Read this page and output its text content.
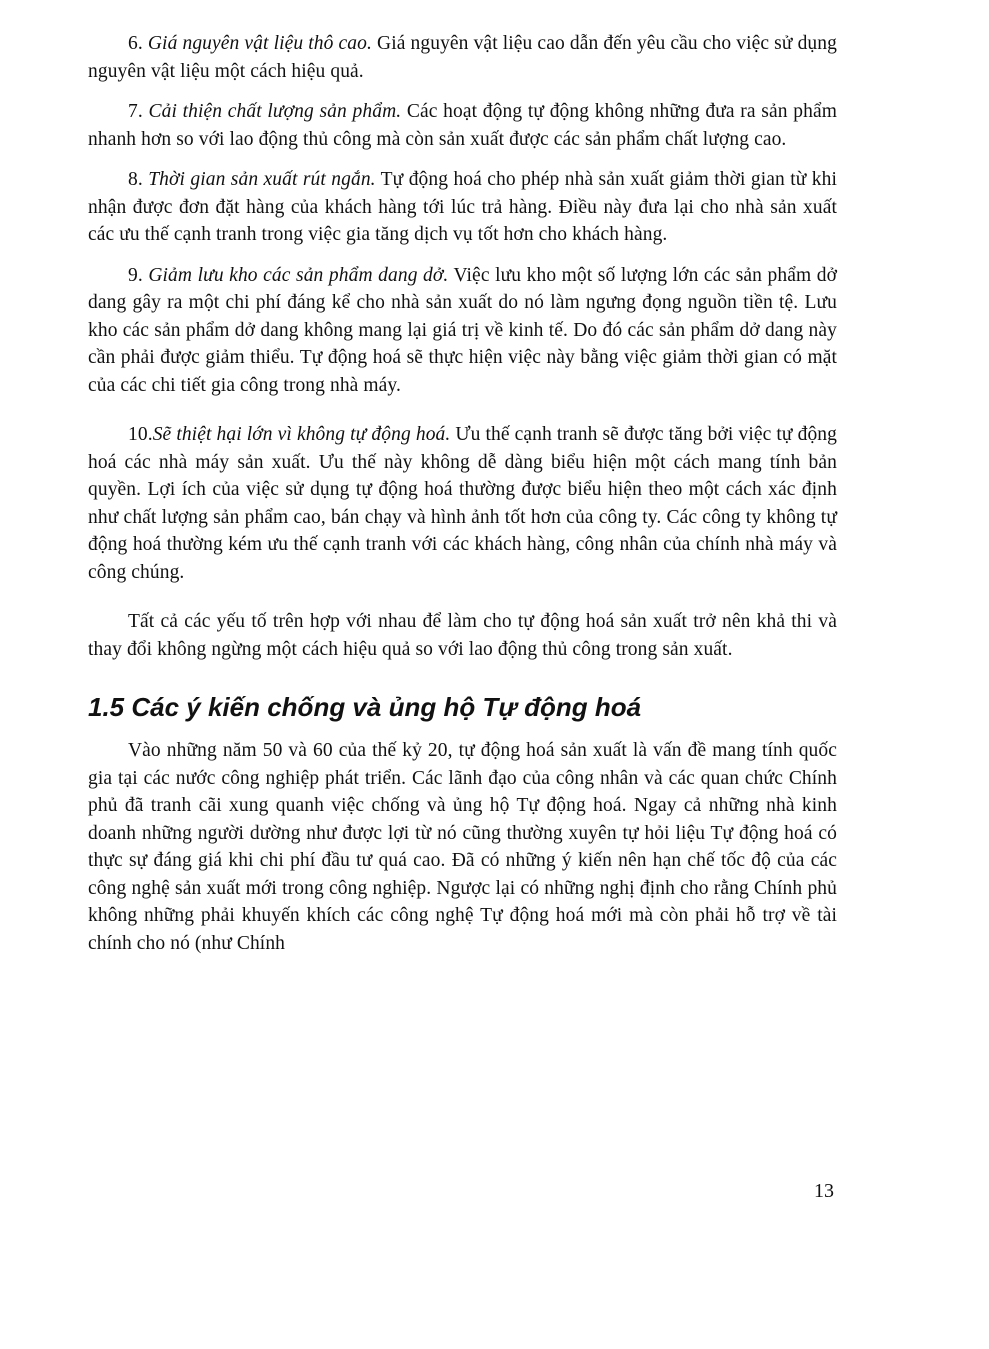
6. Giá nguyên vật liệu thô cao. Giá nguyên vật liệu cao dẫn đến yêu cầu cho việc sử dụng nguyên vật liệu một cách hiệu quả.

7. Cải thiện chất lượng sản phẩm. Các hoạt động tự động không những đưa ra sản phẩm nhanh hơn so với lao động thủ công mà còn sản xuất được các sản phẩm chất lượng cao.

8. Thời gian sản xuất rút ngắn. Tự động hoá cho phép nhà sản xuất giảm thời gian từ khi nhận được đơn đặt hàng của khách hàng tới lúc trả hàng. Điều này đưa lại cho nhà sản xuất các ưu thế cạnh tranh trong việc gia tăng dịch vụ tốt hơn cho khách hàng.

9. Giảm lưu kho các sản phẩm dang dở. Việc lưu kho một số lượng lớn các sản phẩm dở dang gây ra một chi phí đáng kể cho nhà sản xuất do nó làm ngưng đọng nguồn tiền tệ. Lưu kho các sản phẩm dở dang không mang lại giá trị về kinh tế. Do đó các sản phẩm dở dang này cần phải được giảm thiểu. Tự động hoá sẽ thực hiện việc này bằng việc giảm thời gian có mặt của các chi tiết gia công trong nhà máy.

10.Sẽ thiệt hại lớn vì không tự động hoá. Ưu thế cạnh tranh sẽ được tăng bởi việc tự động hoá các nhà máy sản xuất. Ưu thế này không dễ dàng biểu hiện một cách mang tính bản quyền. Lợi ích của việc sử dụng tự động hoá thường được biểu hiện theo một cách xác định như chất lượng sản phẩm cao, bán chạy và hình ảnh tốt hơn của công ty. Các công ty không tự động hoá thường kém ưu thế cạnh tranh với các khách hàng, công nhân của chính nhà máy và công chúng.

Tất cả các yếu tố trên hợp với nhau để làm cho tự động hoá sản xuất trở nên khả thi và thay đổi không ngừng một cách hiệu quả so với lao động thủ công trong sản xuất.

1.5 Các ý kiến chống và ủng hộ Tự động hoá

Vào những năm 50 và 60 của thế kỷ 20, tự động hoá sản xuất là vấn đề mang tính quốc gia tại các nước công nghiệp phát triển. Các lãnh đạo của công nhân và các quan chức Chính phủ đã tranh cãi xung quanh việc chống và ủng hộ Tự động hoá. Ngay cả những nhà kinh doanh những người dường như được lợi từ nó cũng thường xuyên tự hỏi liệu Tự động hoá có thực sự đáng giá khi chi phí đầu tư quá cao. Đã có những ý kiến nên hạn chế tốc độ của các công nghệ sản xuất mới trong công nghiệp. Ngược lại có những nghị định cho rằng Chính phủ không những phải khuyến khích các công nghệ Tự động hoá mới mà còn phải hỗ trợ về tài chính cho nó (như Chính

13
